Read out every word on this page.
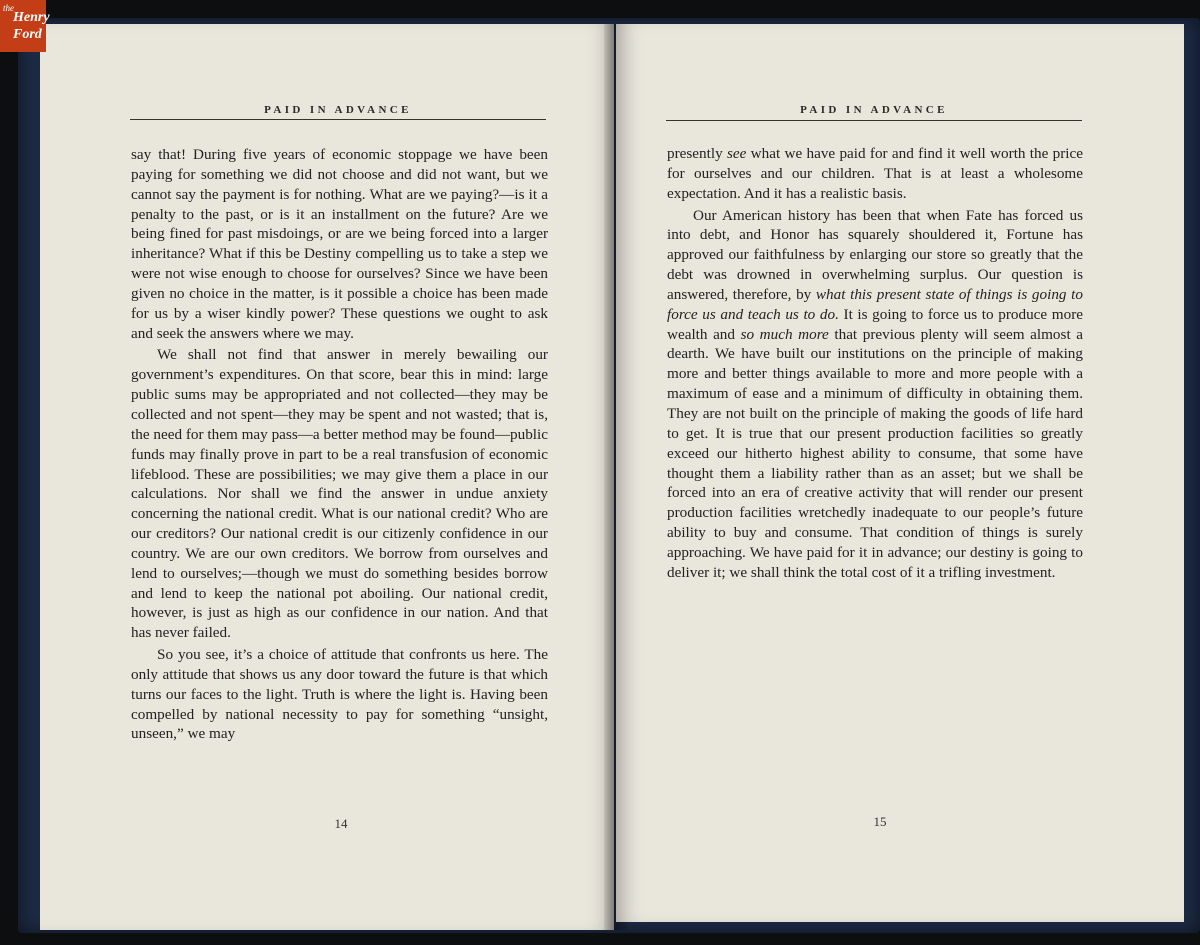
PAID IN ADVANCE

say that! During five years of economic stoppage we have been paying for something we did not choose and did not want, but we cannot say the payment is for nothing. What are we paying?—is it a penalty to the past, or is it an installment on the future? Are we being fined for past misdoings, or are we being forced into a larger inheritance? What if this be Destiny compelling us to take a step we were not wise enough to choose for ourselves? Since we have been given no choice in the matter, is it possible a choice has been made for us by a wiser kindly power? These questions we ought to ask and seek the answers where we may.

We shall not find that answer in merely bewailing our government’s expenditures. On that score, bear this in mind: large public sums may be appropriated and not collected—they may be collected and not spent—they may be spent and not wasted; that is, the need for them may pass—a better method may be found—public funds may finally prove in part to be a real transfusion of economic lifeblood. These are possibilities; we may give them a place in our calculations. Nor shall we find the answer in undue anxiety concerning the national credit. What is our national credit? Who are our creditors? Our national credit is our citizenly confidence in our country. We are our own creditors. We borrow from ourselves and lend to ourselves;—though we must do something besides borrow and lend to keep the national pot aboiling. Our national credit, however, is just as high as our confidence in our nation. And that has never failed.

So you see, it’s a choice of attitude that confronts us here. The only attitude that shows us any door toward the future is that which turns our faces to the light. Truth is where the light is. Having been compelled by national necessity to pay for something “unsight, unseen,” we may

14
PAID IN ADVANCE

presently see what we have paid for and find it well worth the price for ourselves and our children. That is at least a wholesome expectation. And it has a realistic basis.

Our American history has been that when Fate has forced us into debt, and Honor has squarely shouldered it, Fortune has approved our faithfulness by enlarging our store so greatly that the debt was drowned in overwhelming surplus. Our question is answered, therefore, by what this present state of things is going to force us and teach us to do. It is going to force us to produce more wealth and so much more that previous plenty will seem almost a dearth. We have built our institutions on the principle of making more and better things available to more and more people with a maximum of ease and a minimum of difficulty in obtaining them. They are not built on the principle of making the goods of life hard to get. It is true that our present production facilities so greatly exceed our hitherto highest ability to consume, that some have thought them a liability rather than as an asset; but we shall be forced into an era of creative activity that will render our present production facilities wretchedly inadequate to our people’s future ability to buy and consume. That condition of things is surely approaching. We have paid for it in advance; our destiny is going to deliver it; we shall think the total cost of it a trifling investment.

15
the
Henry
Ford
